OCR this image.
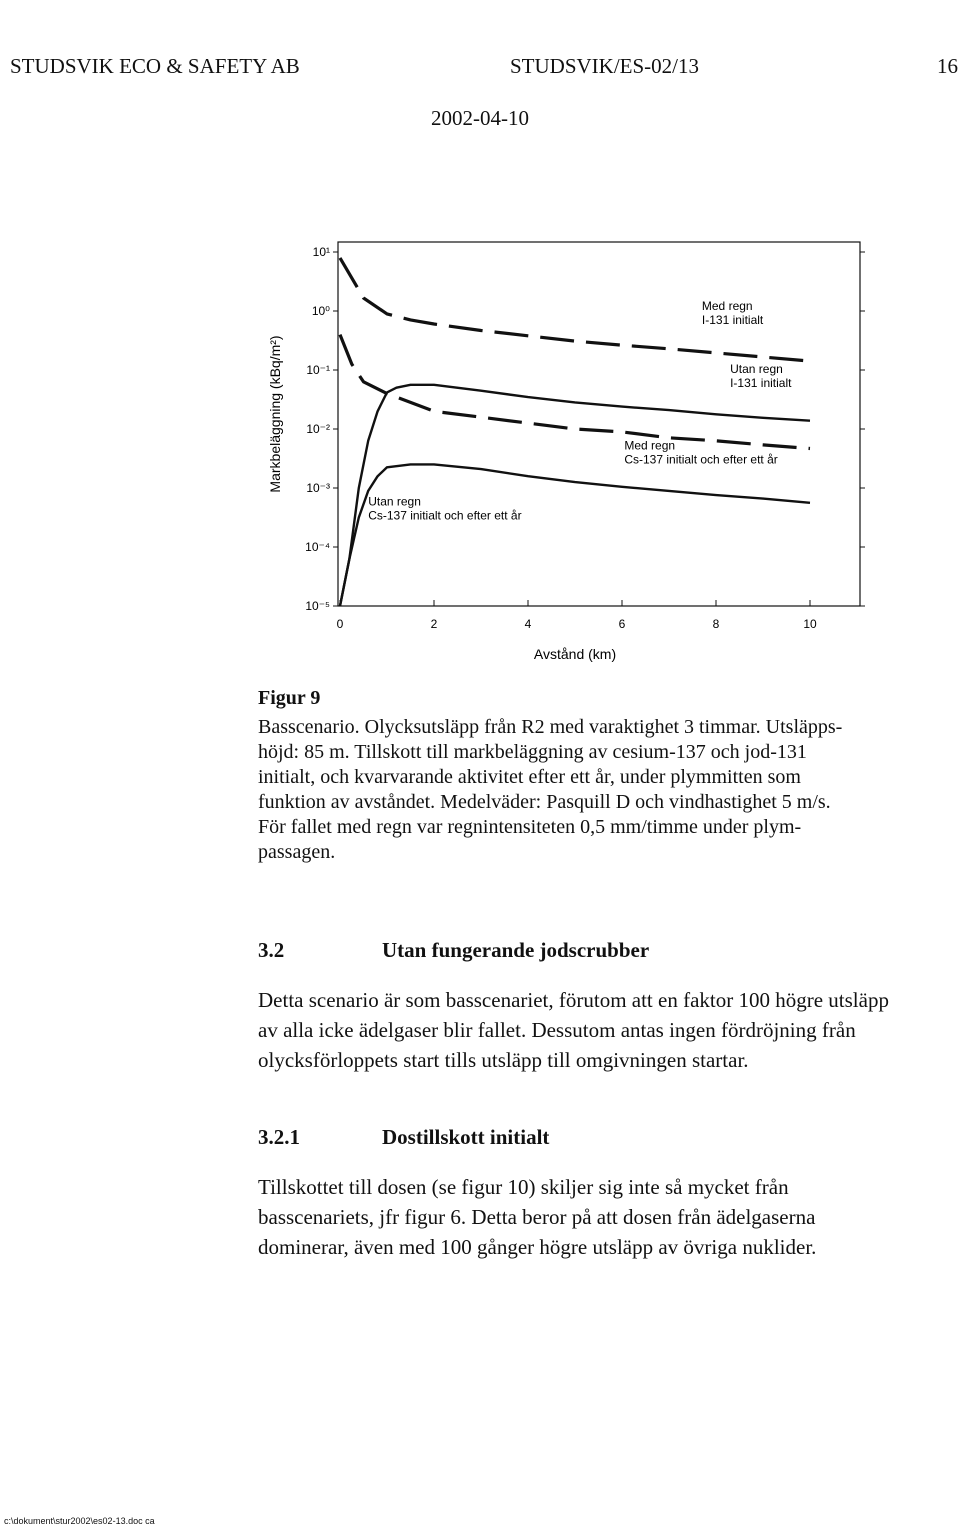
STUDSVIK ECO & SAFETY AB	STUDSVIK/ES-02/13	16
2002-04-10
10¹
10⁰
10⁻¹
10⁻²
10⁻³
10⁻⁴
10⁻⁵
0	2	4	6	8	10
Med regn I-131 initialt
Utan regn I-131 initialt
Med regn Cs-137 initialt och efter ett år
Utan regn Cs-137 initialt och efter ett år
Avstånd (km)
Markbeläggning (kBq/m²)
Figur 9
Basscenario. Olycksutsläpp från R2 med varaktighet 3 timmar. Utsläpps-
höjd: 85 m. Tillskott till markbeläggning av cesium-137 och jod-131
initialt, och kvarvarande aktivitet efter ett år, under plymmitten som
funktion av avståndet. Medelväder: Pasquill D och vindhastighet 5 m/s.
För fallet med regn var regnintensiteten 0,5 mm/timme under plym-
passagen.
3.2	Utan fungerande jodscrubber
Detta scenario är som basscenariet, förutom att en faktor 100 högre utsläpp
av alla icke ädelgaser blir fallet. Dessutom antas ingen fördröjning från
olycksförloppets start tills utsläpp till omgivningen startar.
3.2.1	Dostillskott initialt
Tillskottet till dosen (se figur 10) skiljer sig inte så mycket från
basscenariets, jfr figur 6. Detta beror på att dosen från ädelgaserna
dominerar, även med 100 gånger högre utsläpp av övriga nuklider.
c:\dokument\stur2002\es02-13.doc ca
